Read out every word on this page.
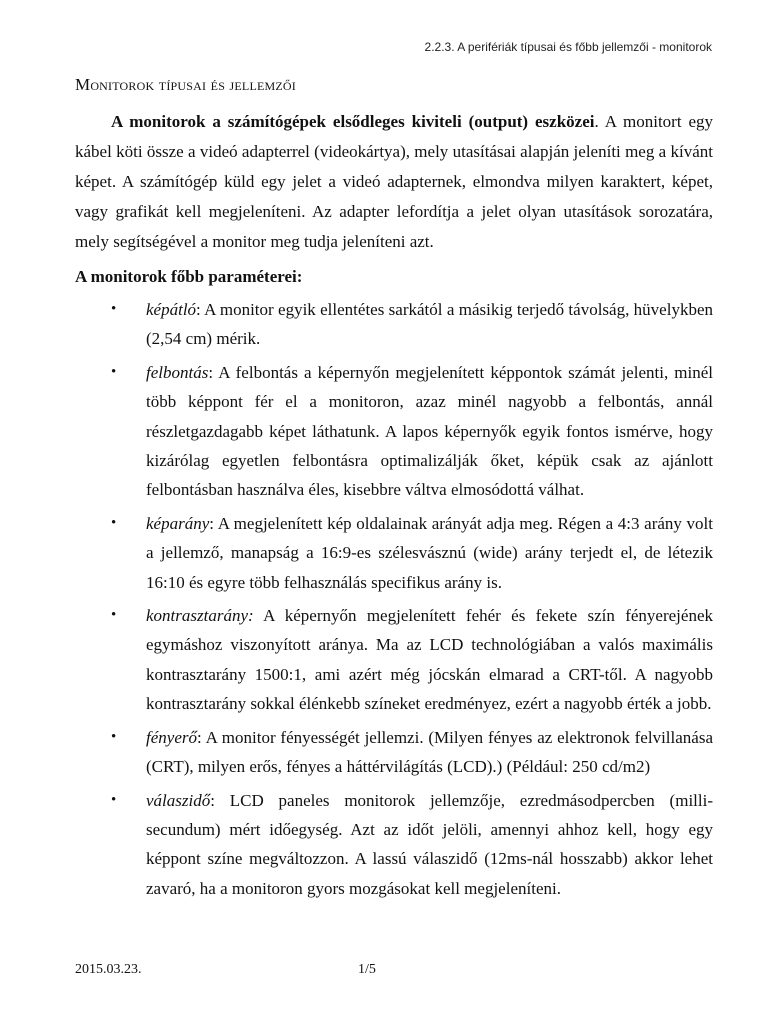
2.2.3. A perifériák típusai és főbb jellemzői - monitorok
Monitorok típusai és jellemzői

A monitorok a számítógépek elsődleges kiviteli (output) eszközei. A monitort egy kábel köti össze a videó adapterrel (videokártya), mely utasításai alapján jeleníti meg a kívánt képet. A számítógép küld egy jelet a videó adapternek, elmondva milyen karaktert, képet, vagy grafikát kell megjeleníteni. Az adapter lefordítja a jelet olyan utasítások sorozatára, mely segítségével a monitor meg tudja jeleníteni azt.

A monitorok főbb paraméterei:
• képátló: A monitor egyik ellentétes sarkától a másikig terjedő távolság, hüvelykben (2,54 cm) mérik.
• felbontás: A felbontás a képernyőn megjelenített képpontok számát jelenti, minél több képpont fér el a monitoron, azaz minél nagyobb a felbontás, annál részletgazdagabb képet láthatunk. A lapos képernyők egyik fontos ismérve, hogy kizárólag egyetlen felbontásra optimalizálják őket, képük csak az ajánlott felbontásban használva éles, kisebbre váltva elmosódottá válhat.
• képarány: A megjelenített kép oldalainak arányát adja meg. Régen a 4:3 arány volt a jellemző, manapság a 16:9-es szélesvásznú (wide) arány terjedt el, de létezik 16:10 és egyre több felhasználás specifikus arány is.
• kontrasztarány: A képernyőn megjelenített fehér és fekete szín fényerejének egymáshoz viszonyított aránya. Ma az LCD technológiában a valós maximális kontrasztarány 1500:1, ami azért még jócskán elmarad a CRT-től. A nagyobb kontrasztarány sokkal élénkebb színeket eredményez, ezért a nagyobb érték a jobb.
• fényerő: A monitor fényességét jellemzi. (Milyen fényes az elektronok felvillanása (CRT), milyen erős, fényes a háttérvilágítás (LCD).) (Például: 250 cd/m2)
• válaszidő: LCD paneles monitorok jellemzője, ezredmásodpercben (milli-secundum) mért időegység. Azt az időt jelöli, amennyi ahhoz kell, hogy egy képpont színe megváltozzon. A lassú válaszidő (12ms-nál hosszabb) akkor lehet zavaró, ha a monitoron gyors mozgásokat kell megjeleníteni.
2015.03.23.	1/5
